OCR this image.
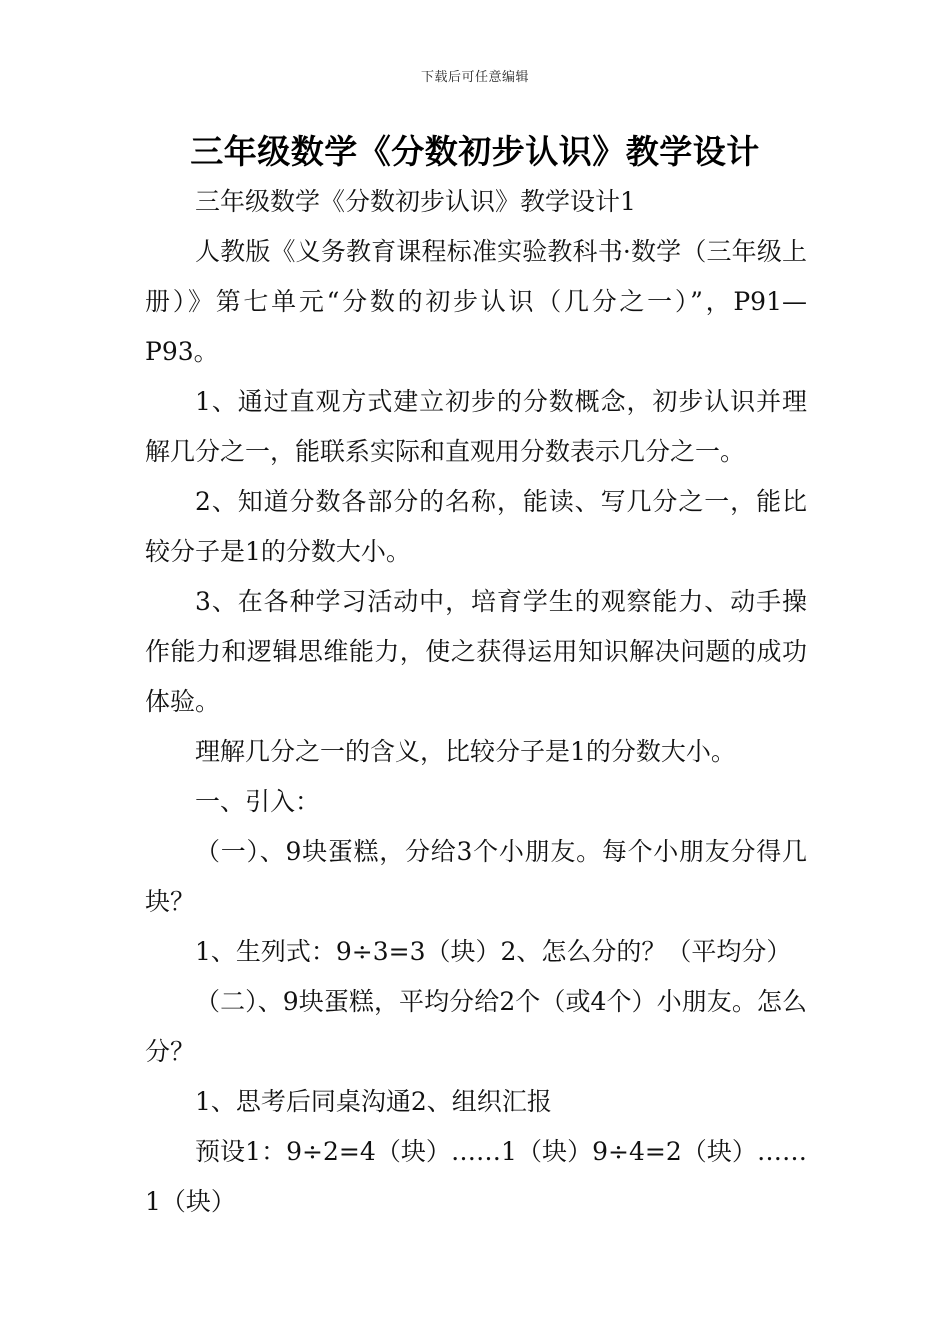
下载后可任意编辑
三年级数学《分数初步认识》教学设计

三年级数学《分数初步认识》教学设计1

人教版《义务教育课程标准实验教科书·数学（三年级上册）》第七单元“分数的初步认识（几分之一）”，P91—P93。

1、通过直观方式建立初步的分数概念，初步认识并理解几分之一，能联系实际和直观用分数表示几分之一。

2、知道分数各部分的名称，能读、写几分之一，能比较分子是1的分数大小。

3、在各种学习活动中，培育学生的观察能力、动手操作能力和逻辑思维能力，使之获得运用知识解决问题的成功体验。

理解几分之一的含义，比较分子是1的分数大小。

一、引入：

（一）、9块蛋糕，分给3个小朋友。每个小朋友分得几块？

1、生列式：9÷3=3（块）2、怎么分的？（平均分）

（二）、9块蛋糕，平均分给2个（或4个）小朋友。怎么分？

1、思考后同桌沟通2、组织汇报

预设1：9÷2=4（块）……1（块）9÷4=2（块）……1（块）
